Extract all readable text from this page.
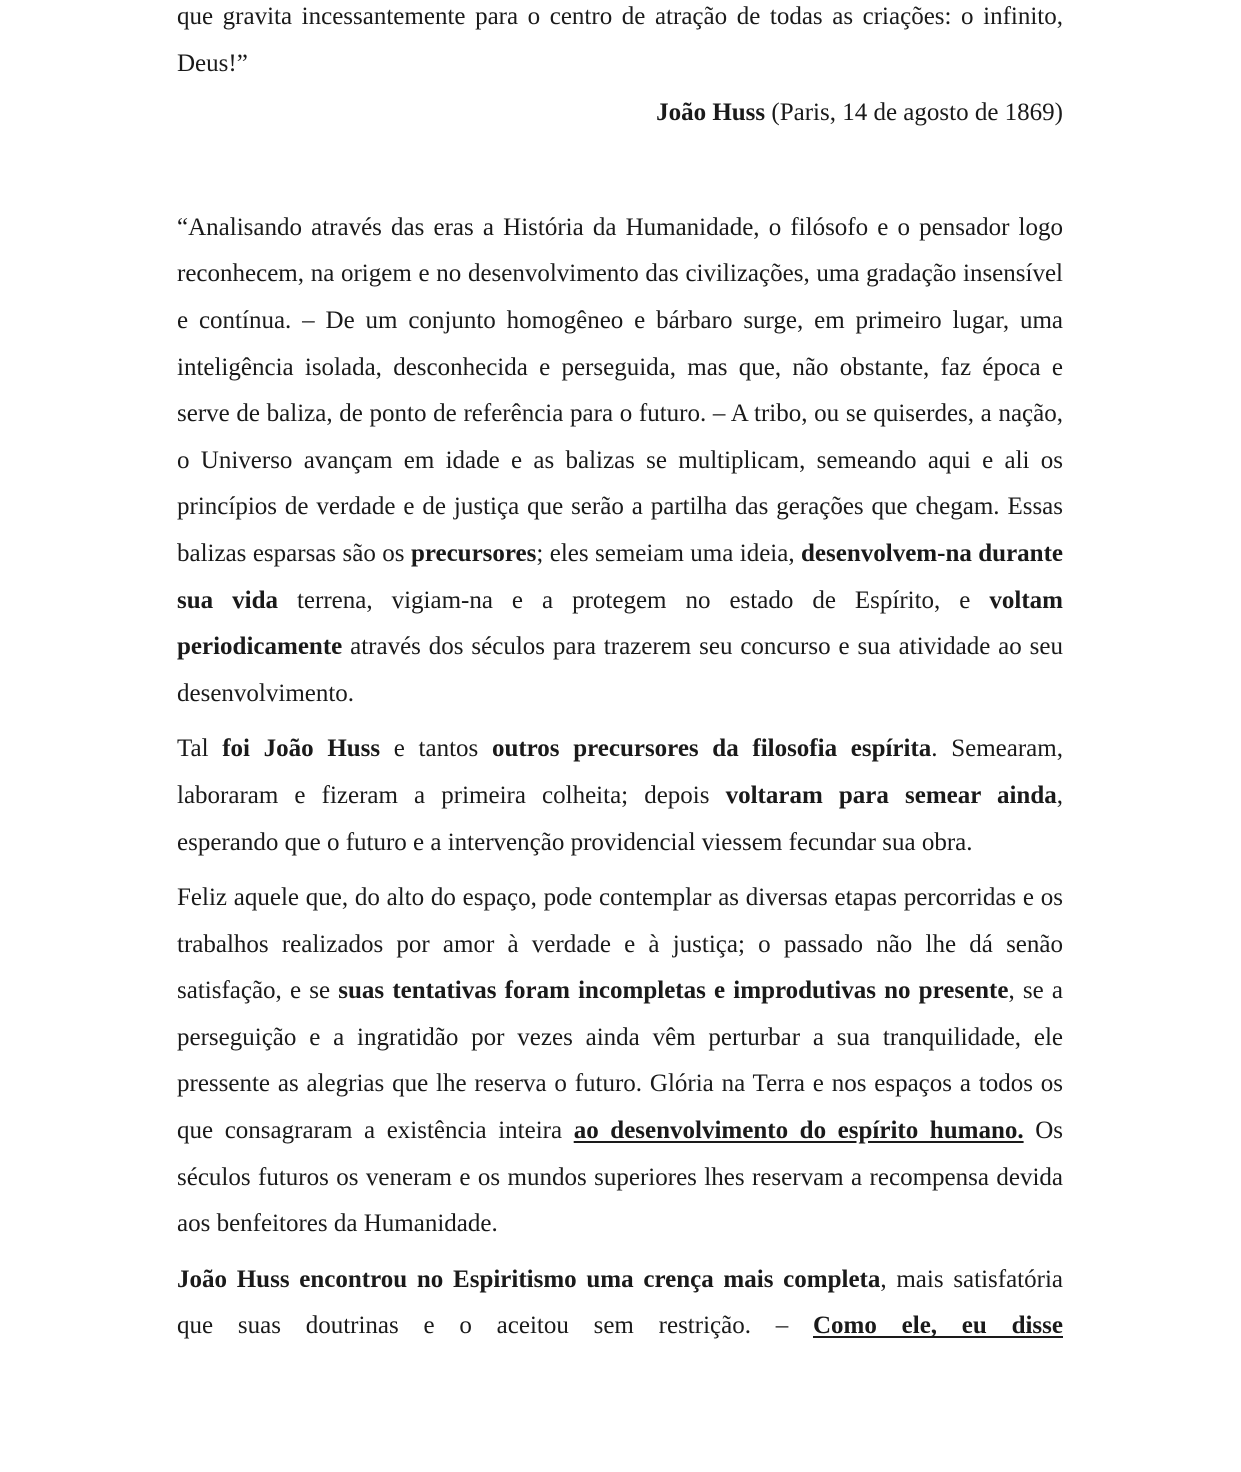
que gravita incessantemente para o centro de atração de todas as criações: o infinito, Deus!”

João Huss (Paris, 14 de agosto de 1869)

“Analisando através das eras a História da Humanidade, o filósofo e o pensador logo reconhecem, na origem e no desenvolvimento das civilizações, uma gradação insensível e contínua. – De um conjunto homogêneo e bárbaro surge, em primeiro lugar, uma inteligência isolada, desconhecida e perseguida, mas que, não obstante, faz época e serve de baliza, de ponto de referência para o futuro. – A tribo, ou se quiserdes, a nação, o Universo avançam em idade e as balizas se multiplicam, semeando aqui e ali os princípios de verdade e de justiça que serão a partilha das gerações que chegam. Essas balizas esparsas são os precursores; eles semeiam uma ideia, desenvolvem-na durante sua vida terrena, vigiam-na e a protegem no estado de Espírito, e voltam periodicamente através dos séculos para trazerem seu concurso e sua atividade ao seu desenvolvimento.

Tal foi João Huss e tantos outros precursores da filosofia espírita. Semearam, laboraram e fizeram a primeira colheita; depois voltaram para semear ainda, esperando que o futuro e a intervenção providencial viessem fecundar sua obra.

Feliz aquele que, do alto do espaço, pode contemplar as diversas etapas percorridas e os trabalhos realizados por amor à verdade e à justiça; o passado não lhe dá senão satisfação, e se suas tentativas foram incompletas e improdutivas no presente, se a perseguição e a ingratidão por vezes ainda vêm perturbar a sua tranquilidade, ele pressente as alegrias que lhe reserva o futuro. Glória na Terra e nos espaços a todos os que consagraram a existência inteira ao desenvolvimento do espírito humano. Os séculos futuros os veneram e os mundos superiores lhes reservam a recompensa devida aos benfeitores da Humanidade.

João Huss encontrou no Espiritismo uma crença mais completa, mais satisfatória que suas doutrinas e o aceitou sem restrição. – Como ele, eu disse
